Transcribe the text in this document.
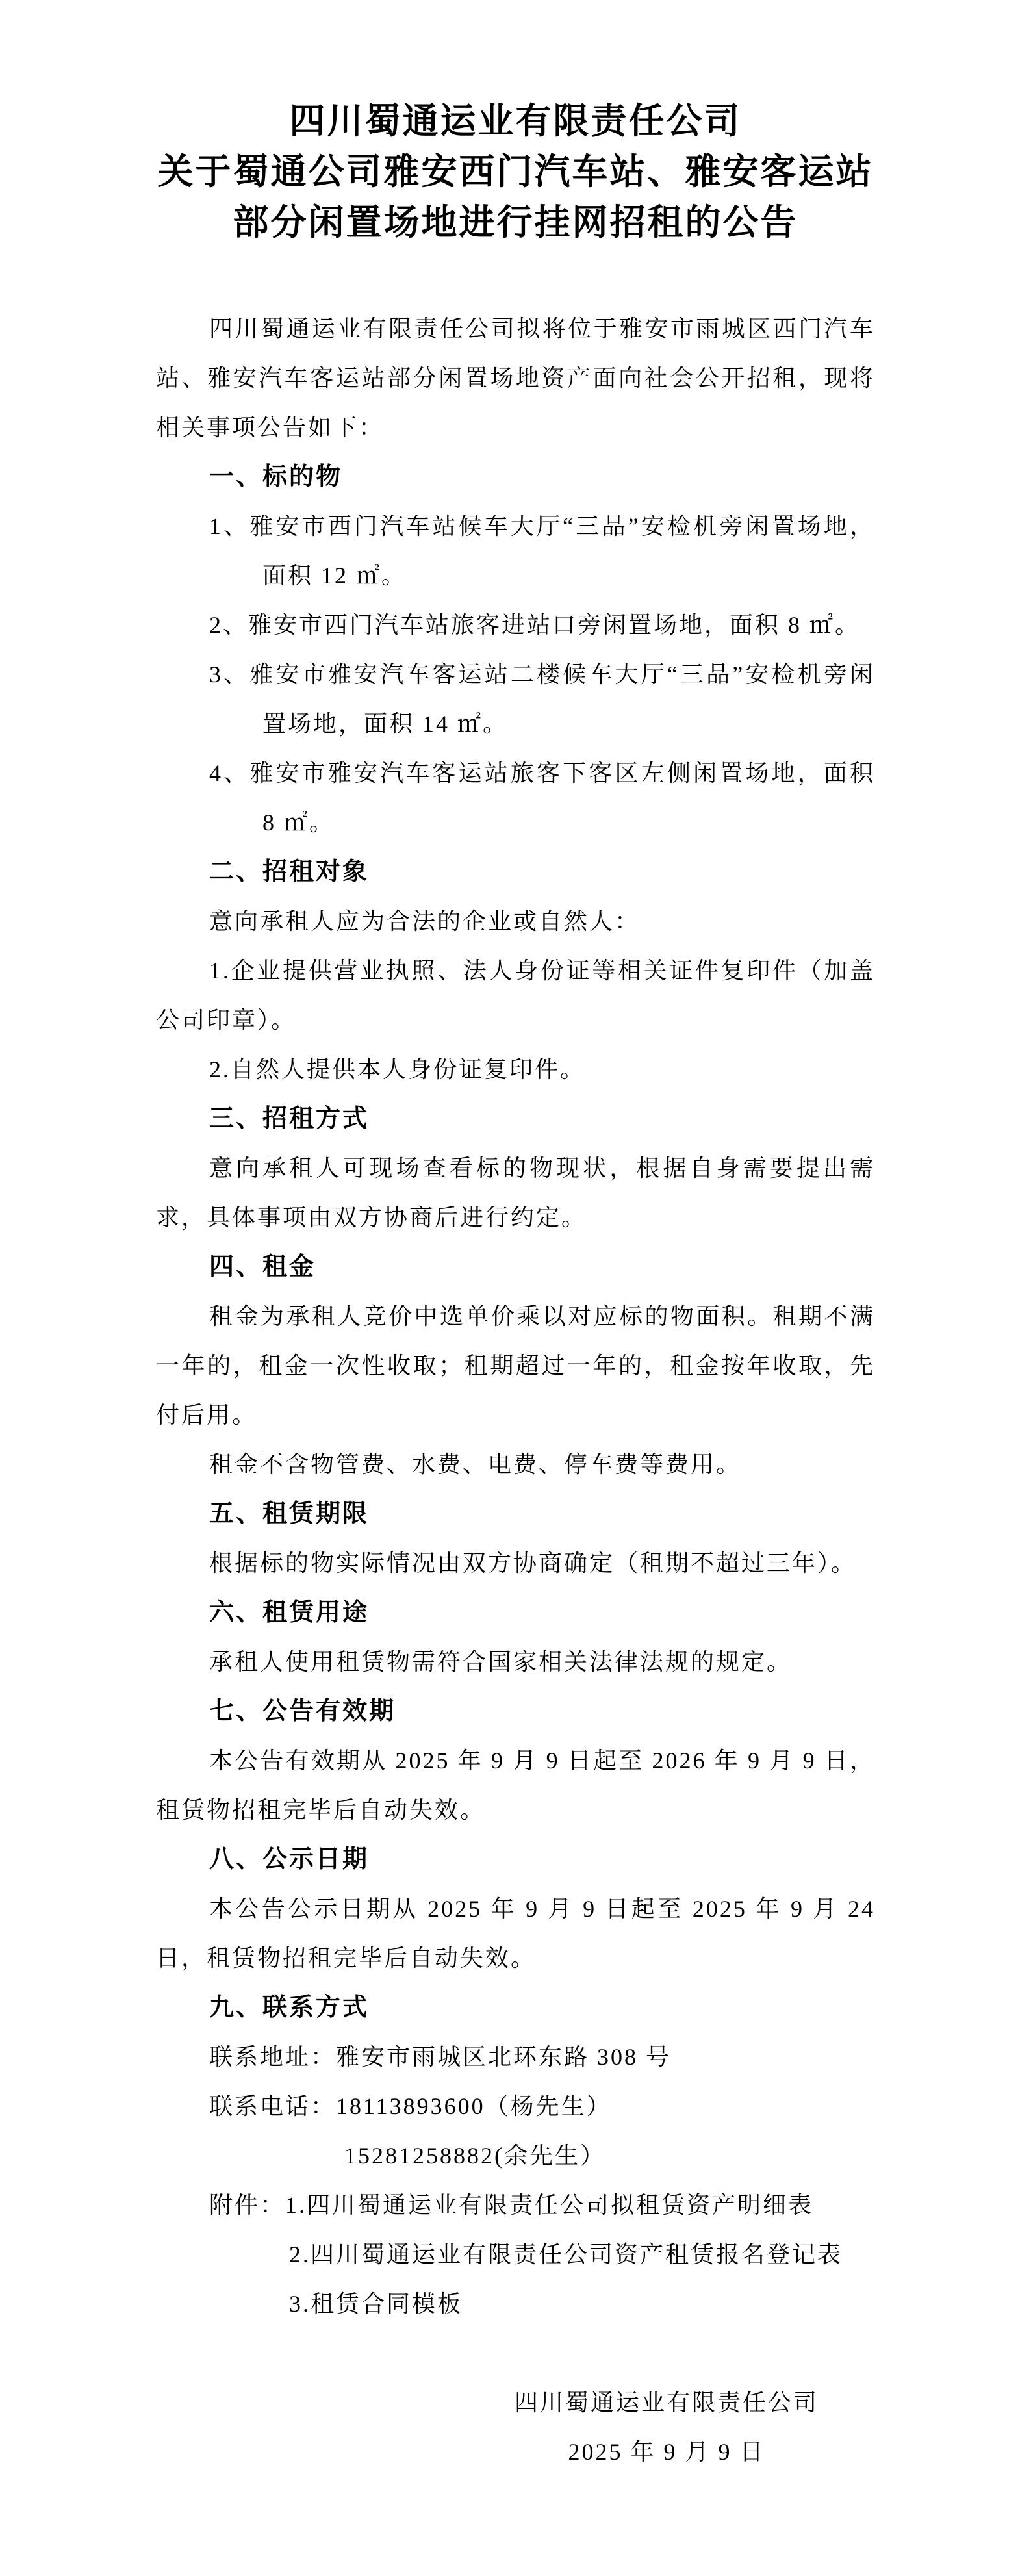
四川蜀通运业有限责任公司
关于蜀通公司雅安西门汽车站、雅安客运站
部分闲置场地进行挂网招租的公告
四川蜀通运业有限责任公司拟将位于雅安市雨城区西门汽车站、雅安汽车客运站部分闲置场地资产面向社会公开招租，现将相关事项公告如下：
一、标的物
1、雅安市西门汽车站候车大厅“三品”安检机旁闲置场地，面积 12 ㎡。
2、雅安市西门汽车站旅客进站口旁闲置场地，面积 8 ㎡。
3、雅安市雅安汽车客运站二楼候车大厅“三品”安检机旁闲置场地，面积 14 ㎡。
4、雅安市雅安汽车客运站旅客下客区左侧闲置场地，面积 8 ㎡。
二、招租对象
意向承租人应为合法的企业或自然人：
1.企业提供营业执照、法人身份证等相关证件复印件（加盖公司印章）。
2.自然人提供本人身份证复印件。
三、招租方式
意向承租人可现场查看标的物现状，根据自身需要提出需求，具体事项由双方协商后进行约定。
四、租金
租金为承租人竞价中选单价乘以对应标的物面积。租期不满一年的，租金一次性收取；租期超过一年的，租金按年收取，先付后用。
租金不含物管费、水费、电费、停车费等费用。
五、租赁期限
根据标的物实际情况由双方协商确定（租期不超过三年）。
六、租赁用途
承租人使用租赁物需符合国家相关法律法规的规定。
七、公告有效期
本公告有效期从 2025 年 9 月 9 日起至 2026 年 9 月 9 日，租赁物招租完毕后自动失效。
八、公示日期
本公告公示日期从 2025 年 9 月 9 日起至 2025 年 9 月 24 日，租赁物招租完毕后自动失效。
九、联系方式
联系地址：雅安市雨城区北环东路 308 号
联系电话：18113893600（杨先生）
15281258882(余先生）
附件：1.四川蜀通运业有限责任公司拟租赁资产明细表
2.四川蜀通运业有限责任公司资产租赁报名登记表
3.租赁合同模板
四川蜀通运业有限责任公司
2025 年 9 月 9 日
